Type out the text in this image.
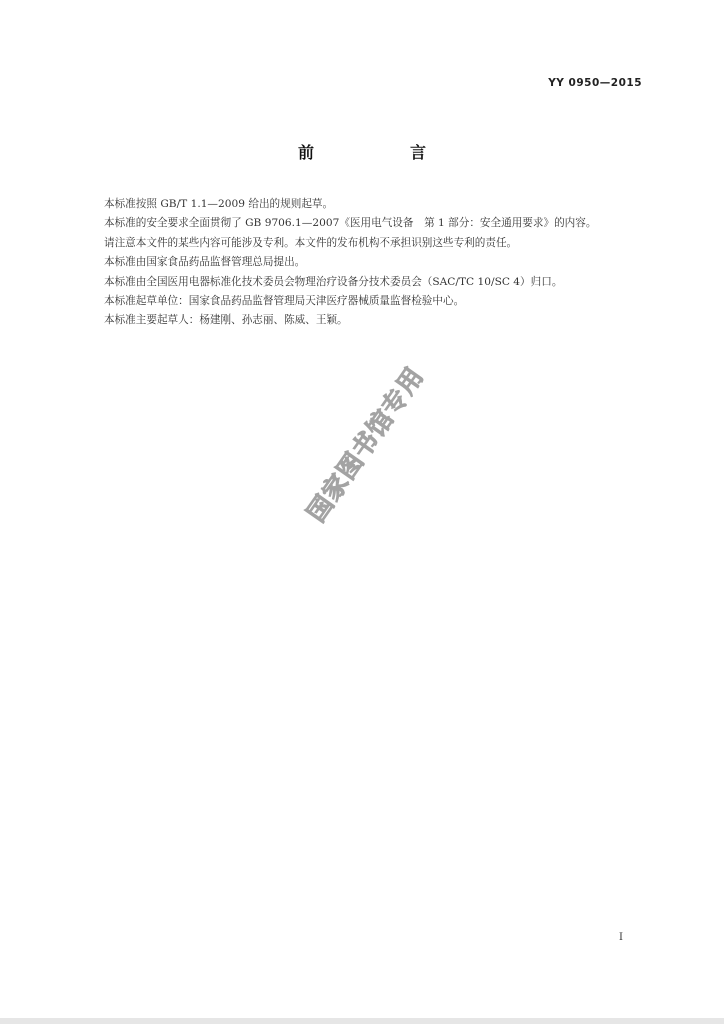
YY 0950—2015
前　言

本标准按照 GB/T 1.1—2009 给出的规则起草。

本标准的安全要求全面贯彻了 GB 9706.1—2007《医用电气设备　第 1 部分：安全通用要求》的内容。

请注意本文件的某些内容可能涉及专利。本文件的发布机构不承担识别这些专利的责任。

本标准由国家食品药品监督管理总局提出。

本标准由全国医用电器标准化技术委员会物理治疗设备分技术委员会（SAC/TC 10/SC 4）归口。

本标准起草单位：国家食品药品监督管理局天津医疗器械质量监督检验中心。

本标准主要起草人：杨建刚、孙志丽、陈威、王颖。

国家图书馆专用
I
